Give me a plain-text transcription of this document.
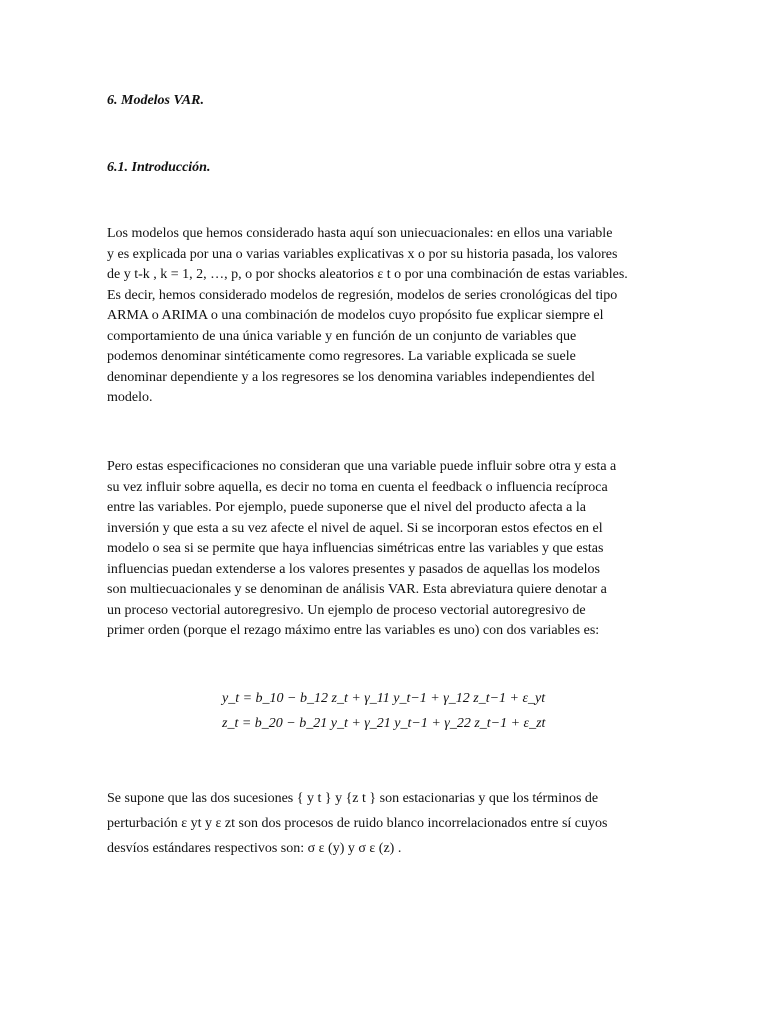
6. Modelos VAR.

6.1. Introducción.

Los modelos que hemos considerado hasta aquí son uniecuacionales: en ellos una variable
y es explicada por una o varias variables explicativas x o por su historia pasada, los valores
de y t-k , k = 1, 2, …, p, o por shocks aleatorios ε t o por una combinación de estas variables.
Es decir, hemos considerado modelos de regresión, modelos de series cronológicas del tipo
ARMA o ARIMA o una combinación de modelos cuyo propósito fue explicar siempre el
comportamiento de una única variable y en función de un conjunto de variables que
podemos denominar sintéticamente como regresores. La variable explicada se suele
denominar dependiente y a los regresores se los denomina variables independientes del
modelo.
Pero estas especificaciones no consideran que una variable puede influir sobre otra y esta a
su vez influir sobre aquella, es decir no toma en cuenta el feedback o influencia recíproca
entre las variables. Por ejemplo, puede suponerse que el nivel del producto afecta a la
inversión y que esta a su vez afecte el nivel de aquel. Si se incorporan estos efectos en el
modelo o sea si se permite que haya influencias simétricas entre las variables y que estas
influencias puedan extenderse a los valores presentes y pasados de aquellas los modelos
son multiecuacionales y se denominan de análisis VAR. Esta abreviatura quiere denotar a
un proceso vectorial autoregresivo. Un ejemplo de proceso vectorial autoregresivo de
primer orden (porque el rezago máximo entre las variables es uno) con dos variables es:

y_t = b_10 − b_12 z_t + γ_11 y_t−1 + γ_12 z_t−1 + ε_yt

z_t = b_20 − b_21 y_t + γ_21 y_t−1 + γ_22 z_t−1 + ε_zt

Se supone que las dos sucesiones { y t } y {z t } son estacionarias y que los términos de
perturbación ε yt y ε zt son dos procesos de ruido blanco incorrelacionados entre sí cuyos
desvíos estándares respectivos son: σ ε (y) y σ ε (z) .
